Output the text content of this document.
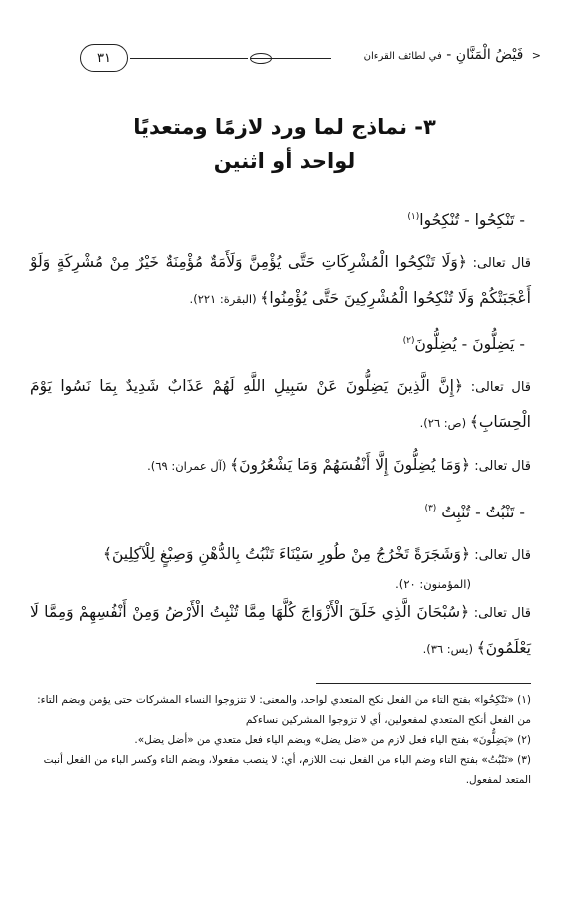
< فَيْضُ الْمَنَّانِ - في لطائف القرءان
٣١
٣- نماذج لما ورد لازمًا ومتعديًا
لواحد أو اثنين
- تَنْكِحُوا - تُنْكِحُوا$^{(١)}$
قال تعالى: ﴿وَلَا تَنْكِحُوا الْمُشْرِكَاتِ حَتَّى يُؤْمِنَّ وَلَأَمَةٌ مُؤْمِنَةٌ خَيْرٌ مِنْ مُشْرِكَةٍ وَلَوْ أَعْجَبَتْكُمْ وَلَا تُنْكِحُوا الْمُشْرِكِينَ حَتَّى يُؤْمِنُوا﴾ (البقرة: ٢٢١).
- يَضِلُّونَ - يُضِلُّونَ$^{(٢)}$
قال تعالى: ﴿إِنَّ الَّذِينَ يَضِلُّونَ عَنْ سَبِيلِ اللَّهِ لَهُمْ عَذَابٌ شَدِيدٌ بِمَا نَسُوا يَوْمَ الْحِسَابِ﴾ (ص: ٢٦).
قال تعالى: ﴿وَمَا يُضِلُّونَ إِلَّا أَنْفُسَهُمْ وَمَا يَشْعُرُونَ﴾ (آل عمران: ٦٩).
- تَنْبُتُ - تُنْبِتُ $^{(٣)}$
قال تعالى: ﴿وَشَجَرَةً تَخْرُجُ مِنْ طُورِ سَيْنَاءَ تَنْبُتُ بِالدُّهْنِ وَصِبْغٍ لِلْآكِلِينَ﴾
(المؤمنون: ٢٠).
قال تعالى: ﴿سُبْحَانَ الَّذِي خَلَقَ الْأَزْوَاجَ كُلَّهَا مِمَّا تُنْبِتُ الْأَرْضُ وَمِنْ أَنْفُسِهِمْ وَمِمَّا لَا يَعْلَمُونَ﴾ (يس: ٣٦).

(١) «تَنْكِحُوا» بفتح التاء من الفعل نكح المتعدي لواحد، والمعنى: لا تتزوجوا النساء المشركات حتى يؤمن وبضم التاء: من الفعل أنكح المتعدي لمفعولين، أي لا تزوجوا المشركين نساءكم

(٢) «يَضِلُّونَ» بفتح الياء فعل لازم من «ضل يضل» وبضم الياء فعل متعدي من «أضل يضل».

(٣) «تَنْبُتُ» بفتح التاء وضم الباء من الفعل نبت اللازم، أي: لا ينصب مفعولا، وبضم التاء وكسر الباء من الفعل أنبت المتعد لمفعول.
